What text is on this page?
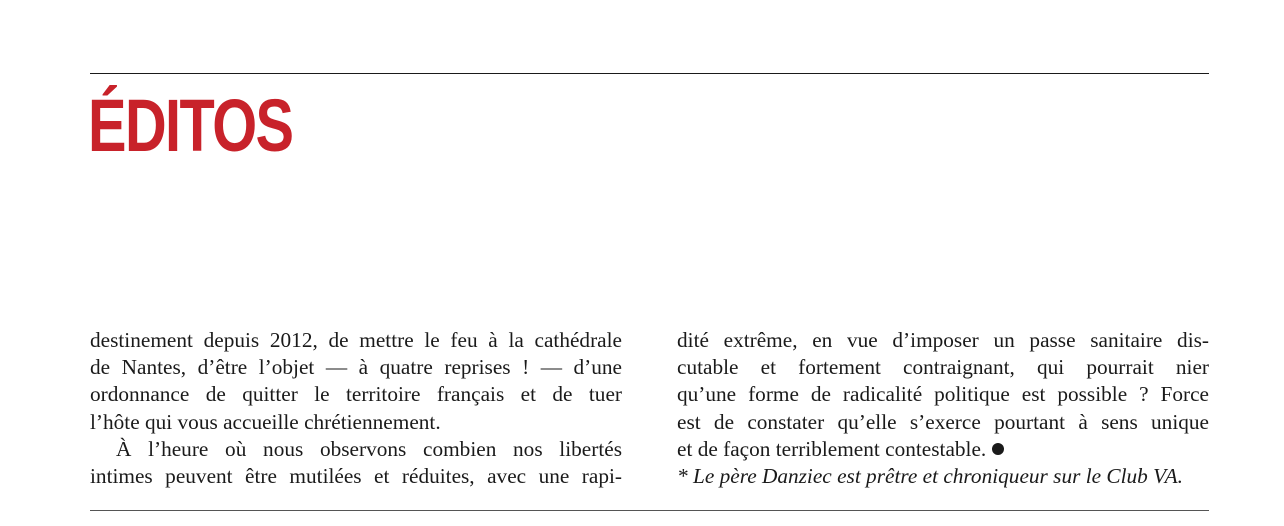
ÉDITOS
destinement depuis 2012, de mettre le feu à la cathédrale
de Nantes, d’être l’objet — à quatre reprises ! — d’une
ordonnance de quitter le territoire français et de tuer
l’hôte qui vous accueille chrétiennement.
À l’heure où nous observons combien nos libertés
intimes peuvent être mutilées et réduites, avec une rapi-
dité extrême, en vue d’imposer un passe sanitaire dis-
cutable et fortement contraignant, qui pourrait nier
qu’une forme de radicalité politique est possible ? Force
est de constater qu’elle s’exerce pourtant à sens unique
et de façon terriblement contestable.
* Le père Danziec est prêtre et chroniqueur sur le Club VA.
